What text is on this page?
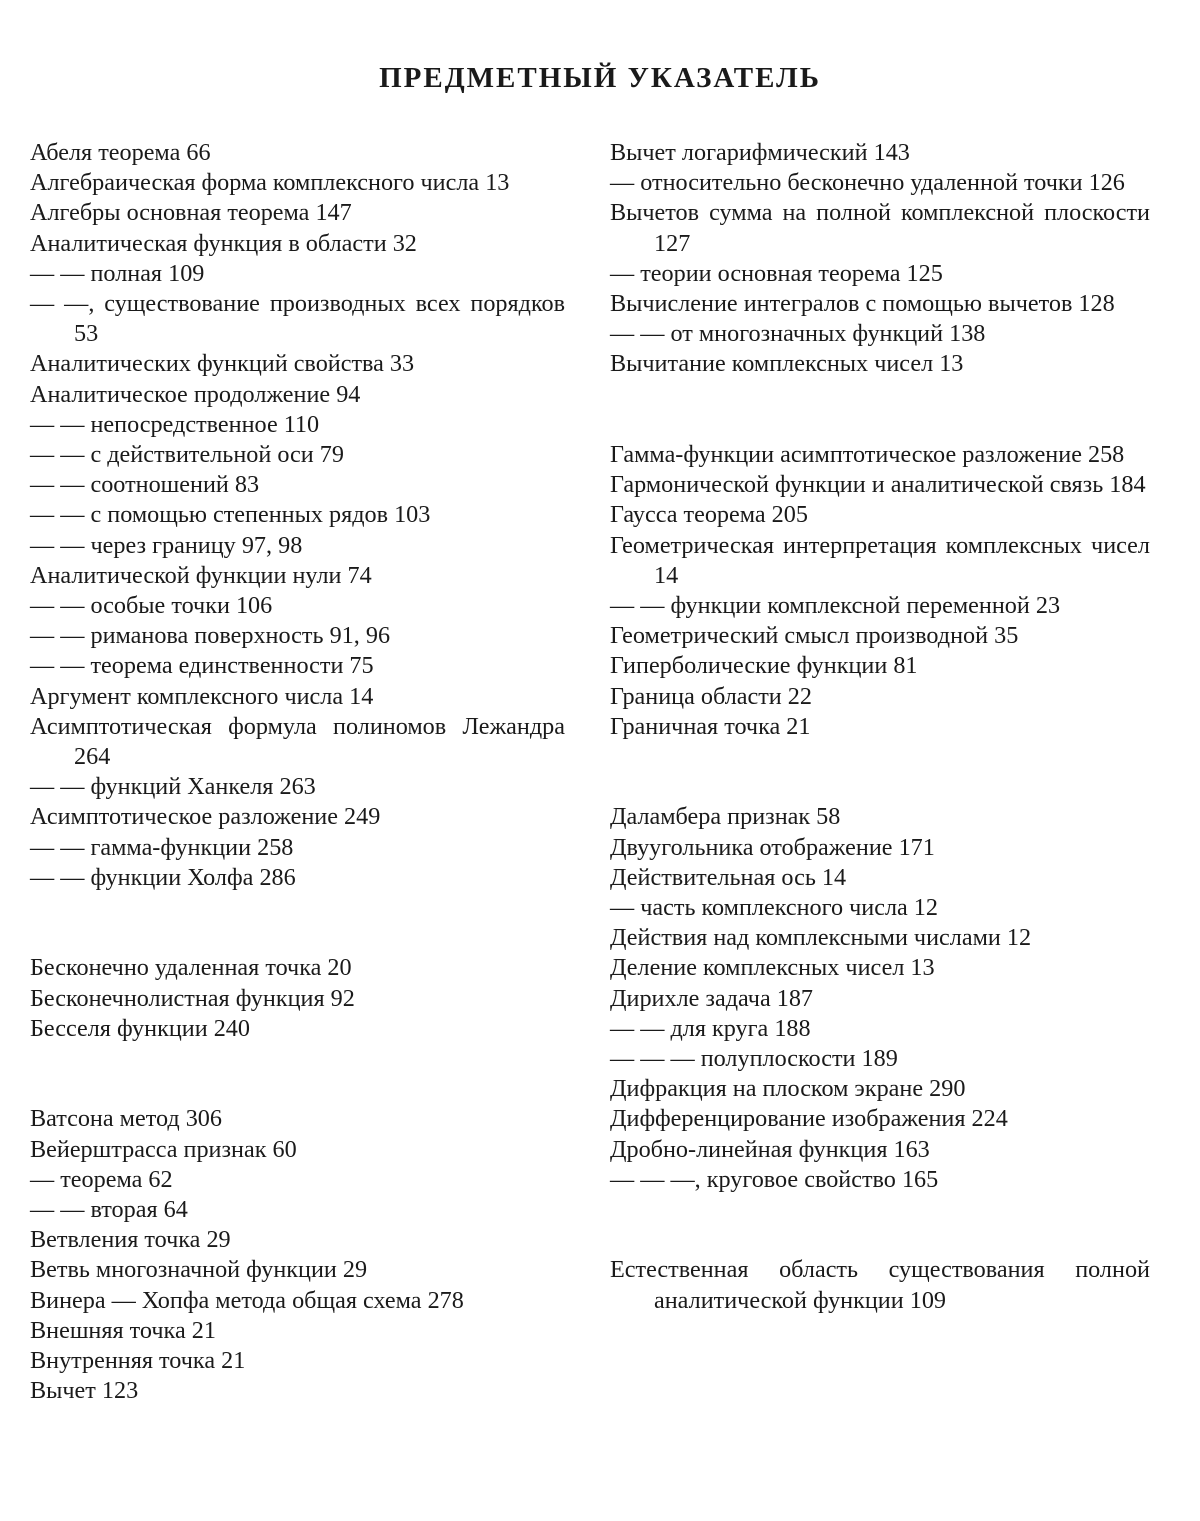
ПРЕДМЕТНЫЙ УКАЗАТЕЛЬ

Абеля теорема 66

Алгебраическая форма комплексного числа 13

Алгебры основная теорема 147

Аналитическая функция в области 32

— — полная 109

— —, существование производных всех порядков 53

Аналитических функций свойства 33

Аналитическое продолжение 94

— — непосредственное 110

— — с действительной оси 79

— — соотношений 83

— — с помощью степенных рядов 103

— — через границу 97, 98

Аналитической функции нули 74

— — особые точки 106

— — риманова поверхность 91, 96

— — теорема единственности 75

Аргумент комплексного числа 14

Асимптотическая формула полиномов Лежандра 264

— — функций Ханкеля 263

Асимптотическое разложение 249

— — гамма-функции 258

— — функции Холфа 286

Бесконечно удаленная точка 20

Бесконечнолистная функция 92

Бесселя функции 240

Ватсона метод 306

Вейерштрасса признак 60

— теорема 62

— — вторая 64

Ветвления точка 29

Ветвь многозначной функции 29

Винера — Хопфа метода общая схема 278

Внешняя точка 21

Внутренняя точка 21

Вычет 123

Вычет логарифмический 143

— относительно бесконечно удаленной точки 126

Вычетов сумма на полной комплексной плоскости 127

— теории основная теорема 125

Вычисление интегралов с помощью вычетов 128

— — от многозначных функций 138

Вычитание комплексных чисел 13

Гамма-функции асимптотическое разложение 258

Гармонической функции и аналитической связь 184

Гаусса теорема 205

Геометрическая интерпретация комплексных чисел 14

— — функции комплексной переменной 23

Геометрический смысл производной 35

Гиперболические функции 81

Граница области 22

Граничная точка 21

Даламбера признак 58

Двуугольника отображение 171

Действительная ось 14

— часть комплексного числа 12

Действия над комплексными числами 12

Деление комплексных чисел 13

Дирихле задача 187

— — для круга 188

— — — полуплоскости 189

Дифракция на плоском экране 290

Дифференцирование изображения 224

Дробно-линейная функция 163

— — —, круговое свойство 165

Естественная область существования полной аналитической функции 109
